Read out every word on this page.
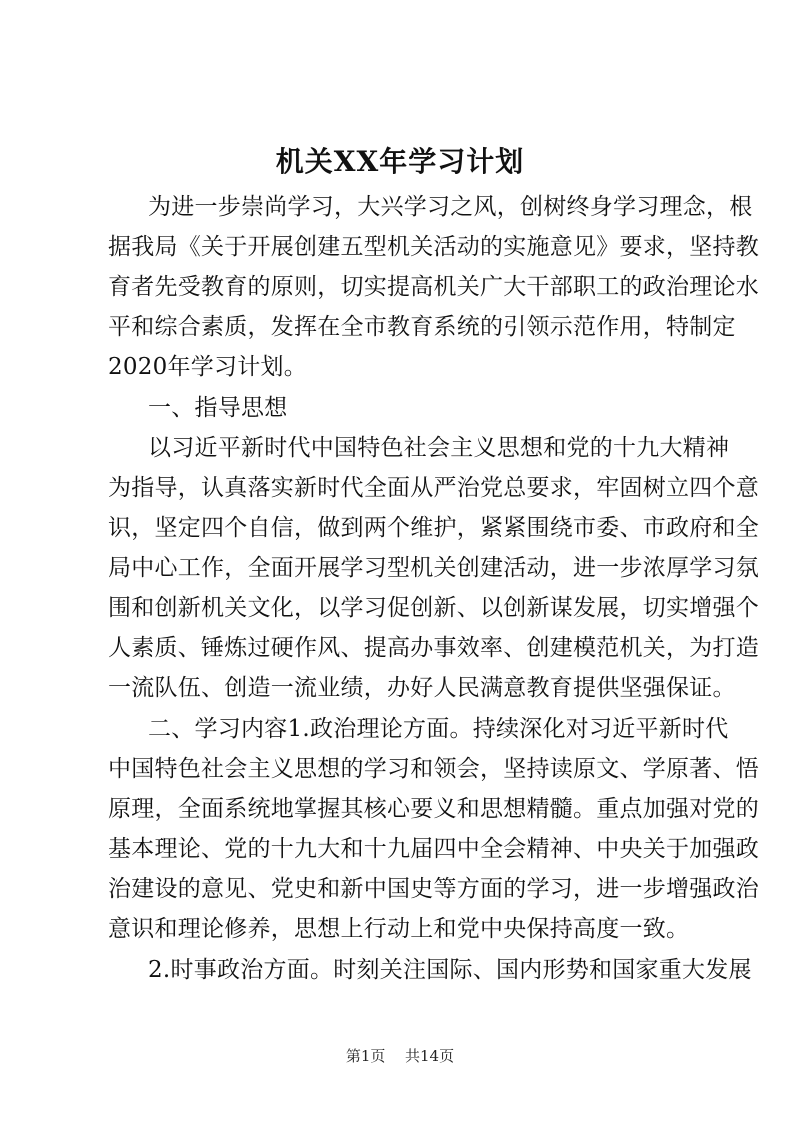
机关XX年学习计划
为进一步崇尚学习，大兴学习之风，创树终身学习理念，根
据我局《关于开展创建五型机关活动的实施意见》要求，坚持教
育者先受教育的原则，切实提高机关广大干部职工的政治理论水
平和综合素质，发挥在全市教育系统的引领示范作用，特制定
2020年学习计划。
一、指导思想
以习近平新时代中国特色社会主义思想和党的十九大精神
为指导，认真落实新时代全面从严治党总要求，牢固树立四个意
识，坚定四个自信，做到两个维护，紧紧围绕市委、市政府和全
局中心工作，全面开展学习型机关创建活动，进一步浓厚学习氛
围和创新机关文化，以学习促创新、以创新谋发展，切实增强个
人素质、锤炼过硬作风、提高办事效率、创建模范机关，为打造
一流队伍、创造一流业绩，办好人民满意教育提供坚强保证。
二、学习内容1.政治理论方面。持续深化对习近平新时代
中国特色社会主义思想的学习和领会，坚持读原文、学原著、悟
原理，全面系统地掌握其核心要义和思想精髓。重点加强对党的
基本理论、党的十九大和十九届四中全会精神、中央关于加强政
治建设的意见、党史和新中国史等方面的学习，进一步增强政治
意识和理论修养，思想上行动上和党中央保持高度一致。
2.时事政治方面。时刻关注国际、国内形势和国家重大发展
第1页 共14页
